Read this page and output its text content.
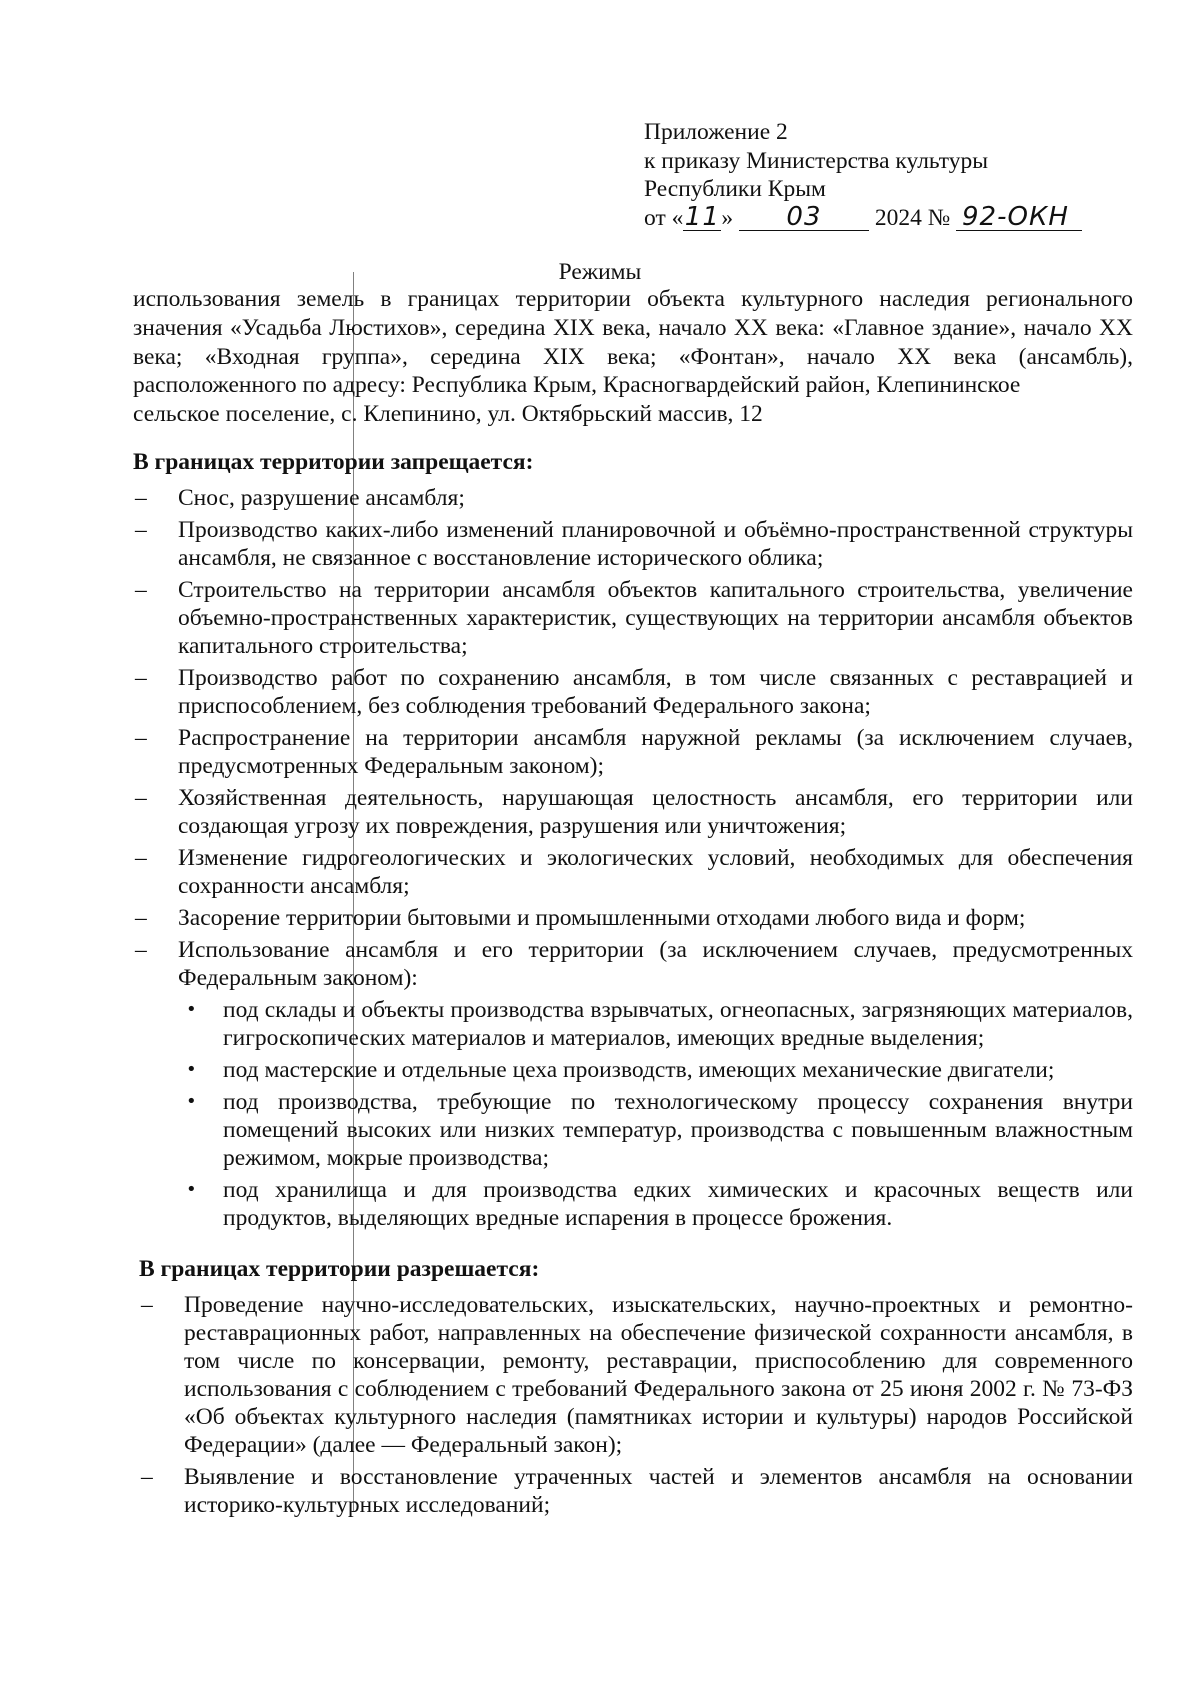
Приложение 2
к приказу Министерства культуры
Республики Крым
от «11» 03 2024 № 92-ОКН
Режимы
использования земель в границах территории объекта культурного наследия регионального значения «Усадьба Люстихов», середина XIX века, начало XX века: «Главное здание», начало XX века; «Входная группа», середина XIX века; «Фонтан», начало XX века (ансамбль), расположенного по адресу: Республика Крым, Красногвардейский район, Клепининское
сельское поселение, с. Клепинино, ул. Октябрьский массив, 12
В границах территории запрещается:
– Снос, разрушение ансамбля;
– Производство каких-либо изменений планировочной и объёмно-пространственной структуры ансамбля, не связанное с восстановление исторического облика;
– Строительство на территории ансамбля объектов капитального строительства, увеличение объемно-пространственных характеристик, существующих на территории ансамбля объектов капитального строительства;
– Производство работ по сохранению ансамбля, в том числе связанных с реставрацией и приспособлением, без соблюдения требований Федерального закона;
– Распространение на территории ансамбля наружной рекламы (за исключением случаев, предусмотренных Федеральным законом);
– Хозяйственная деятельность, нарушающая целостность ансамбля, его территории или создающая угрозу их повреждения, разрушения или уничтожения;
– Изменение гидрогеологических и экологических условий, необходимых для обеспечения сохранности ансамбля;
– Засорение территории бытовыми и промышленными отходами любого вида и форм;
– Использование ансамбля и его территории (за исключением случаев, предусмотренных Федеральным законом):
• под склады и объекты производства взрывчатых, огнеопасных, загрязняющих материалов, гигроскопических материалов и материалов, имеющих вредные выделения;
• под мастерские и отдельные цеха производств, имеющих механические двигатели;
• под производства, требующие по технологическому процессу сохранения внутри помещений высоких или низких температур, производства с повышенным влажностным режимом, мокрые производства;
• под хранилища и для производства едких химических и красочных веществ или продуктов, выделяющих вредные испарения в процессе брожения.
В границах территории разрешается:
– Проведение научно-исследовательских, изыскательских, научно-проектных и ремонтно-реставрационных работ, направленных на обеспечение физической сохранности ансамбля, в том числе по консервации, ремонту, реставрации, приспособлению для современного использования с соблюдением с требований Федерального закона от 25 июня 2002 г. № 73-ФЗ «Об объектах культурного наследия (памятниках истории и культуры) народов Российской Федерации» (далее — Федеральный закон);
– Выявление и восстановление утраченных частей и элементов ансамбля на основании историко-культурных исследований;
